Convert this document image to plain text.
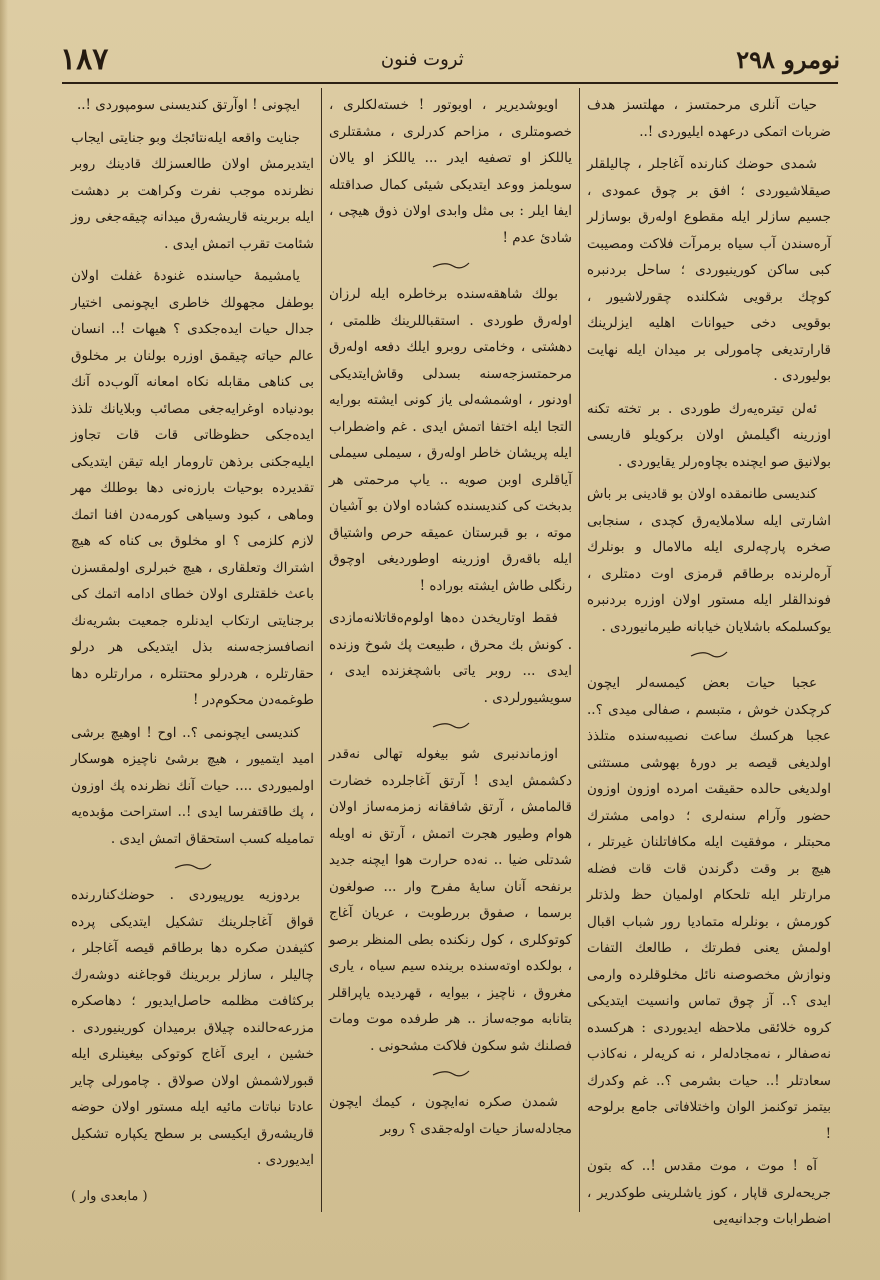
١٨٧	ثروت فنون	نومرو ٢٩٨

حيات آنلرى مرحمتسز ، مهلتسز هدف ضربات اتمكى درعهده ايليوردى !..

شمدى حوضك كنارنده آغاجلر ، چاليلقلر صيقلاشيوردى ؛ افق بر چوق عمودى ، جسيم سازلر ايله مقطوع اوله‌رق بوسازلر آره‌سندن آب سياه برمرآت فلاكت ومصيبت كبى ساكن كورينيوردى ؛ ساحل بردنبره كوچك برقويى شكلنده چقورلاشيور ، بوقويى دخى حيوانات اهليه ايزلرينك قارارتديغى چامورلى بر ميدان ايله نهايت بوليوردى .

ئه‌لن تيتره‌يه‌رك طوردى . بر تخته تكنه اوزرينه اگيلمش اولان بركويلو قاريسى بولانيق صو ايچنده بچاوه‌رلر يقايوردى .

كنديسى طانمقده اولان بو قادينى بر باش اشارتى ايله سلاملايه‌رق كچدى ، سنجابى صخره پارچه‌لرى ايله مالامال و بونلرك آره‌لرنده برطاقم قرمزى اوت دمتلرى ، فوندالقلر ايله مستور اولان اوزره بردنبره يوكسلمكه باشلايان خيابانه طيرمانيوردى .

عجبا حيات بعض كيمسه‌لر ايچون كرچكدن خوش ، متبسم ، صفالى ميدى ؟.. عجبا هركسك ساعت نصيبه‌سنده متلذذ اولديغى قيصه بر دورهٔ بهوشى مستثنى اولديغى حالده حقيقت امرده اوزون اوزون حضور وآرام سنه‌لرى ؛ دوامى مشترك محبتلر ، موفقيت ايله مكافاتلنان غيرتلر ، هيچ بر وقت دگرندن قات قات فضله مرارتلر ايله تلحكام اولميان حظ ولذتلر كورمش ، بونلرله متماديا رور شباب اقبال اولمش يعنى فطرتك ، طالعك التفات ونوازش مخصوصنه نائل مخلوقلرده وارمى ايدى ؟.. آز چوق تماس وانسيت ايتديكى كروه خلائقى ملاحظه ايديوردى : هركسده نه‌صفالر ، نه‌مجادله‌لر ، نه كريه‌لر ، نه‌كاذب سعادتلر !.. حيات بشرمى ؟.. غم وكدرك بيتمز توكنمز الوان واختلافاتى جامع برلوحه !

آه ! موت ، موت مقدس !.. كه بتون جريحه‌لرى قاپار ، كوز ياشلرينى طوكدرير ، اضطرابات وجدانيه‌يى

اويوشديرير ، اويوتور ! خسته‌لكلرى ، خصومتلرى ، مزاحم كدرلرى ، مشقتلرى ياللكز او تصفيه ايدر ... ياللكز او يالان سويلمز ووعد ايتديكى شيئى كمال صداقتله ايفا ايلر : بى مثل وابدى اولان ذوق هيچى ، شادئ عدم !

بولك شاهقه‌سنده برخاطره ايله لرزان اوله‌رق طوردى . استقباللرينك ظلمتى ، دهشتى ، وخامتى روبرو ايلك دفعه اوله‌رق مرحمتسزجه‌سنه بسدلى وقاش‌ايتديكى اودنور ، اوشمشه‌لى ياز كونى ايشته بورايه التجا ايله اختفا اتمش ايدى . غم واضطراب ايله پريشان خاطر اوله‌رق ، سيملى سيملى آياقلرى اوبن صويه .. ياپ مرحمتى هر بدبخت كى كنديسنده كشاده اولان بو آشيان موته ، بو قبرستان عميقه حرص واشتياق ايله باقه‌رق اوزرينه اوطورديغى اوچوق رنگلى طاش ايشته بوراده !

فقط اوتاريخدن ده‌ها اولوم‌ه‌قاتلانه‌مازدى . كونش بك محرق ، طبيعت پك شوخ وزنده ايدى ... روبر ياتى باشچغزنده ايدى ، سويشيورلردى .

اوزماندنبرى شو بيغوله تهالى نه‌قدر دكشمش ايدى ! آرتق آغاجلرده خضارت قالمامش ، آرتق شافقانه زمزمه‌ساز اولان هوام وطيور هجرت اتمش ، آرتق نه اويله شدتلى ضيا .. نه‌ده حرارت هوا ايچنه جديد برنفحه آنان سايهٔ مفرح وار ... صولغون برسما ، صفوق بررطوبت ، عريان آغاج كوتوكلرى ، كول رنكنده بطى المنظر برصو ، بولكده اوته‌سنده برينده سيم سياه ، يارى مغروق ، ناچيز ، بيوايه ، قهرديده ياپراقلر بتانابه موجه‌ساز .. هر طرفده موت ومات فصلنك شو سكون فلاكت مشحونى .

شمدن صكره نه‌ايچون ، كيمك ايچون مجادله‌ساز حيات اوله‌جقدى ؟ روبر

ايچونى ! اوآرتق كنديسنى سومپوردى !..

جنايت واقعه ايله‌نتائجك وبو جنايتى ايجاب ايتديرمش اولان طالعسزلك قادينك روبر نظرنده موجب نفرت وكراهت بر دهشت ايله بربرينه قاريشه‌رق ميدانه چيقه‌جغى روز شئامت تقرب اتمش ايدى .

يامشيمهٔ حياسنده غنودهٔ غفلت اولان بوطفل مجهولك خاطرى ايچونمى اختيار جدال حيات ايده‌جكدى ؟ هيهات !.. انسان عالم حياته چيقمق اوزره بولنان بر مخلوق بى كناهى مقابله نكاه امعانه آلوب‌ده آنك بودنياده اوغرايه‌جغى مصائب وبلايانك تلذذ ايده‌جكى حظوظاتى قات قات تجاوز ايليه‌جكنى برذهن تارومار ايله تيقن ايتديكى تقديرده بوحيات بارزه‌نى دها بوطلك مهر وماهى ، كبود وسياهى كورمه‌دن افنا اتمك لازم كلزمى ؟ او مخلوق بى كناه كه هيچ اشتراك وتعلقارى ، هيچ خبرلرى اولمقسزن باعث خلقتلرى اولان خطاى ادامه اتمك كى برجنايتى ارتكاب ايدنلره جمعيت بشريه‌نك انصافسزجه‌سنه بذل ايتديكى هر درلو حقارتلره ، هردرلو محتتلره ، مرارتلره دها طوغمه‌دن محكوم‌در !

كنديسى ايچونمى ؟.. اوح ! اوهيچ برشى اميد ايتميور ، هيچ برشئ ناچيزه هوسكار اولميوردى .... حيات آنك نظرنده پك اوزون ، پك طاقتفرسا ايدى !.. استراحت مؤبده‌يه تماميله كسب استحقاق اتمش ايدى .

بردوزيه يورپيوردى . حوضك‌كناررنده قواق آغاجلرينك تشكيل ايتديكى پرده كثيفدن صكره دها برطاقم قيصه آغاجلر ، چاليلر ، سازلر بربرينك قوجاغنه دوشه‌رك بركثافت مظلمه حاصل‌ايديور ؛ دهاصكره مزرعه‌حالنده چيلاق برميدان كورينيوردى . خشين ، ايرى آغاج كوتوكى بيغينلرى ايله قبورلاشمش اولان صولاق . چامورلى چاير عادتا نباتات مائيه ايله مستور اولان حوضه قاريشه‌رق ايكيسى بر سطح يكپاره تشكيل ايديوردى .

( مابعدى وار )
